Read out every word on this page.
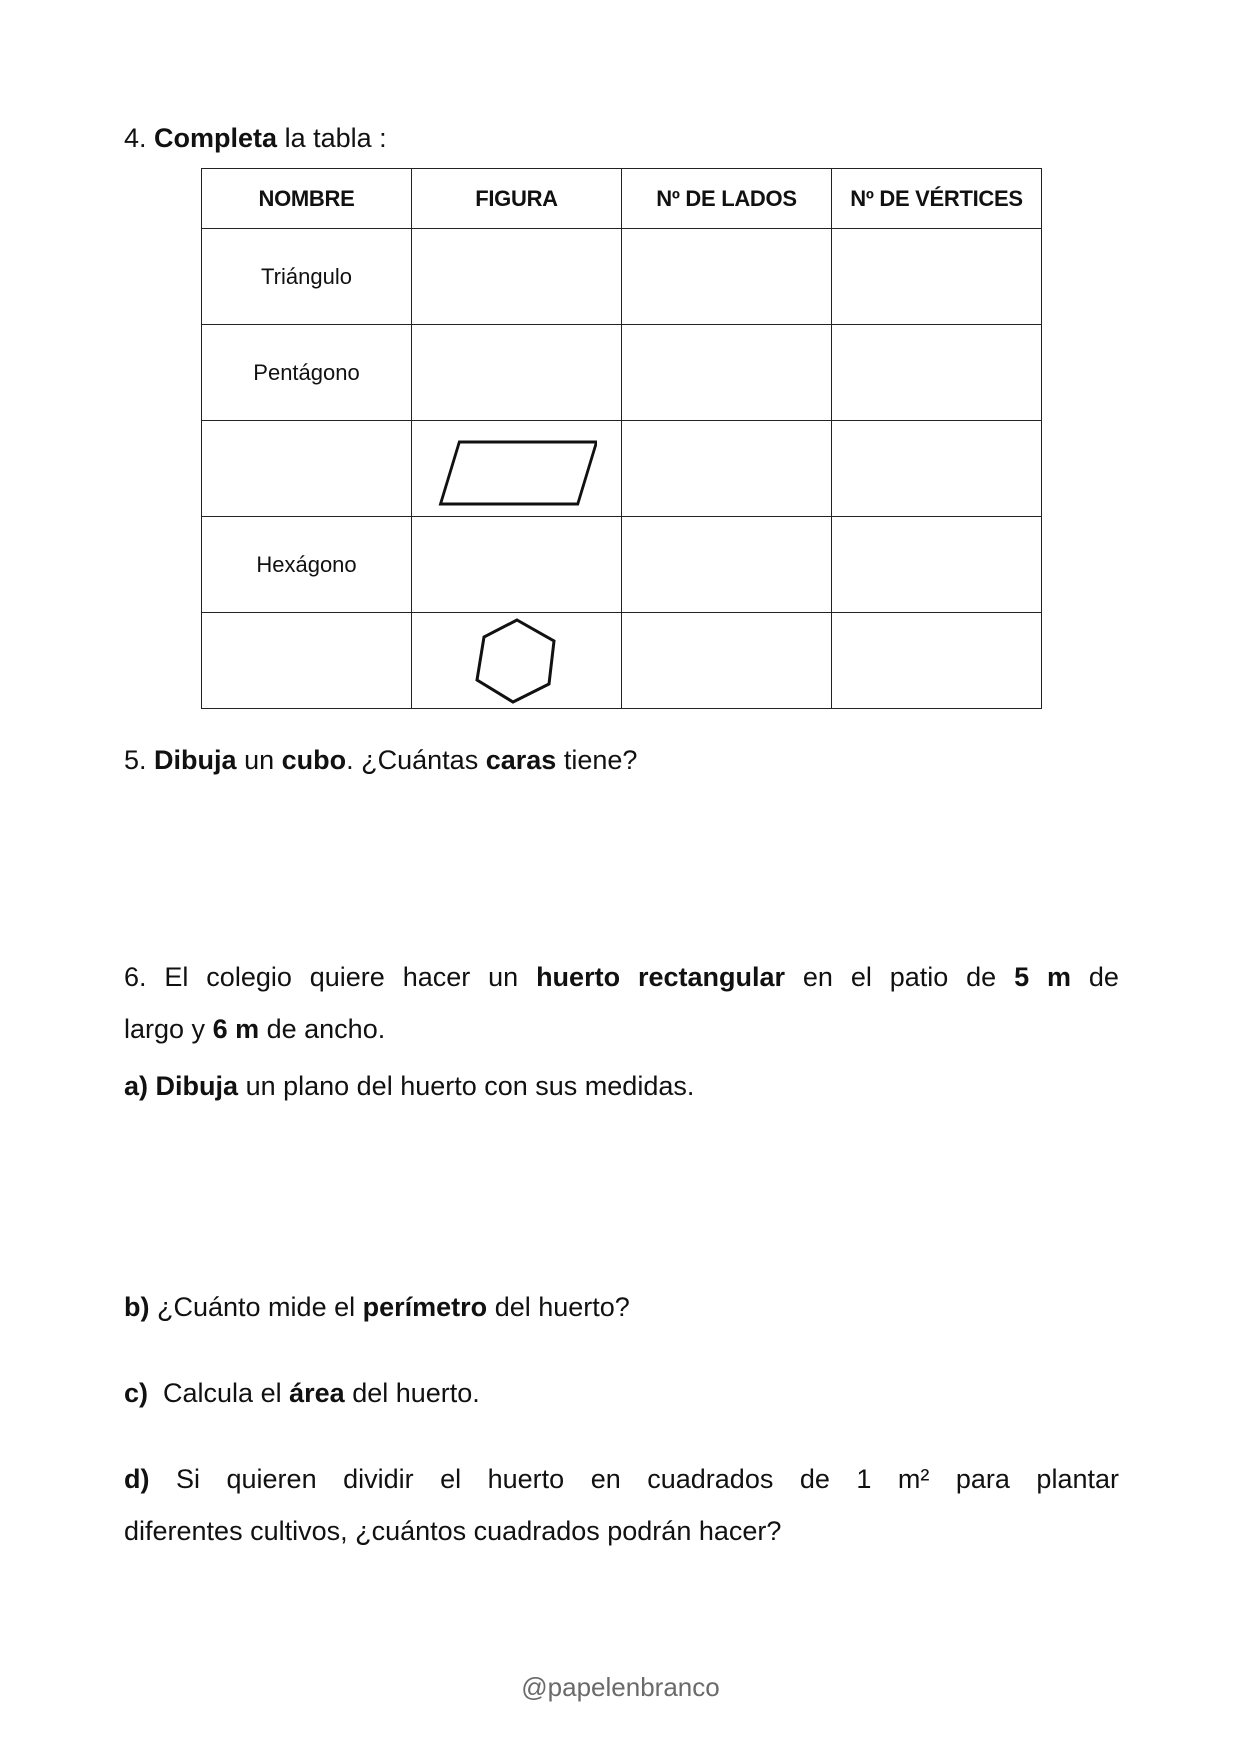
4. Completa la tabla :
NOMBRE	FIGURA	Nº DE LADOS	Nº DE VÉRTICES
Triángulo			
Pentágono			

Hexágono			

5. Dibuja un cubo. ¿Cuántas caras tiene?
6. El colegio quiere hacer un huerto rectangular en el patio de 5 m de
largo y 6 m de ancho.
a) Dibuja un plano del huerto con sus medidas.
b) ¿Cuánto mide el perímetro del huerto?
c) Calcula el área del huerto.
d) Si quieren dividir el huerto en cuadrados de 1 m² para plantar
diferentes cultivos, ¿cuántos cuadrados podrán hacer?
@papelenbranco
